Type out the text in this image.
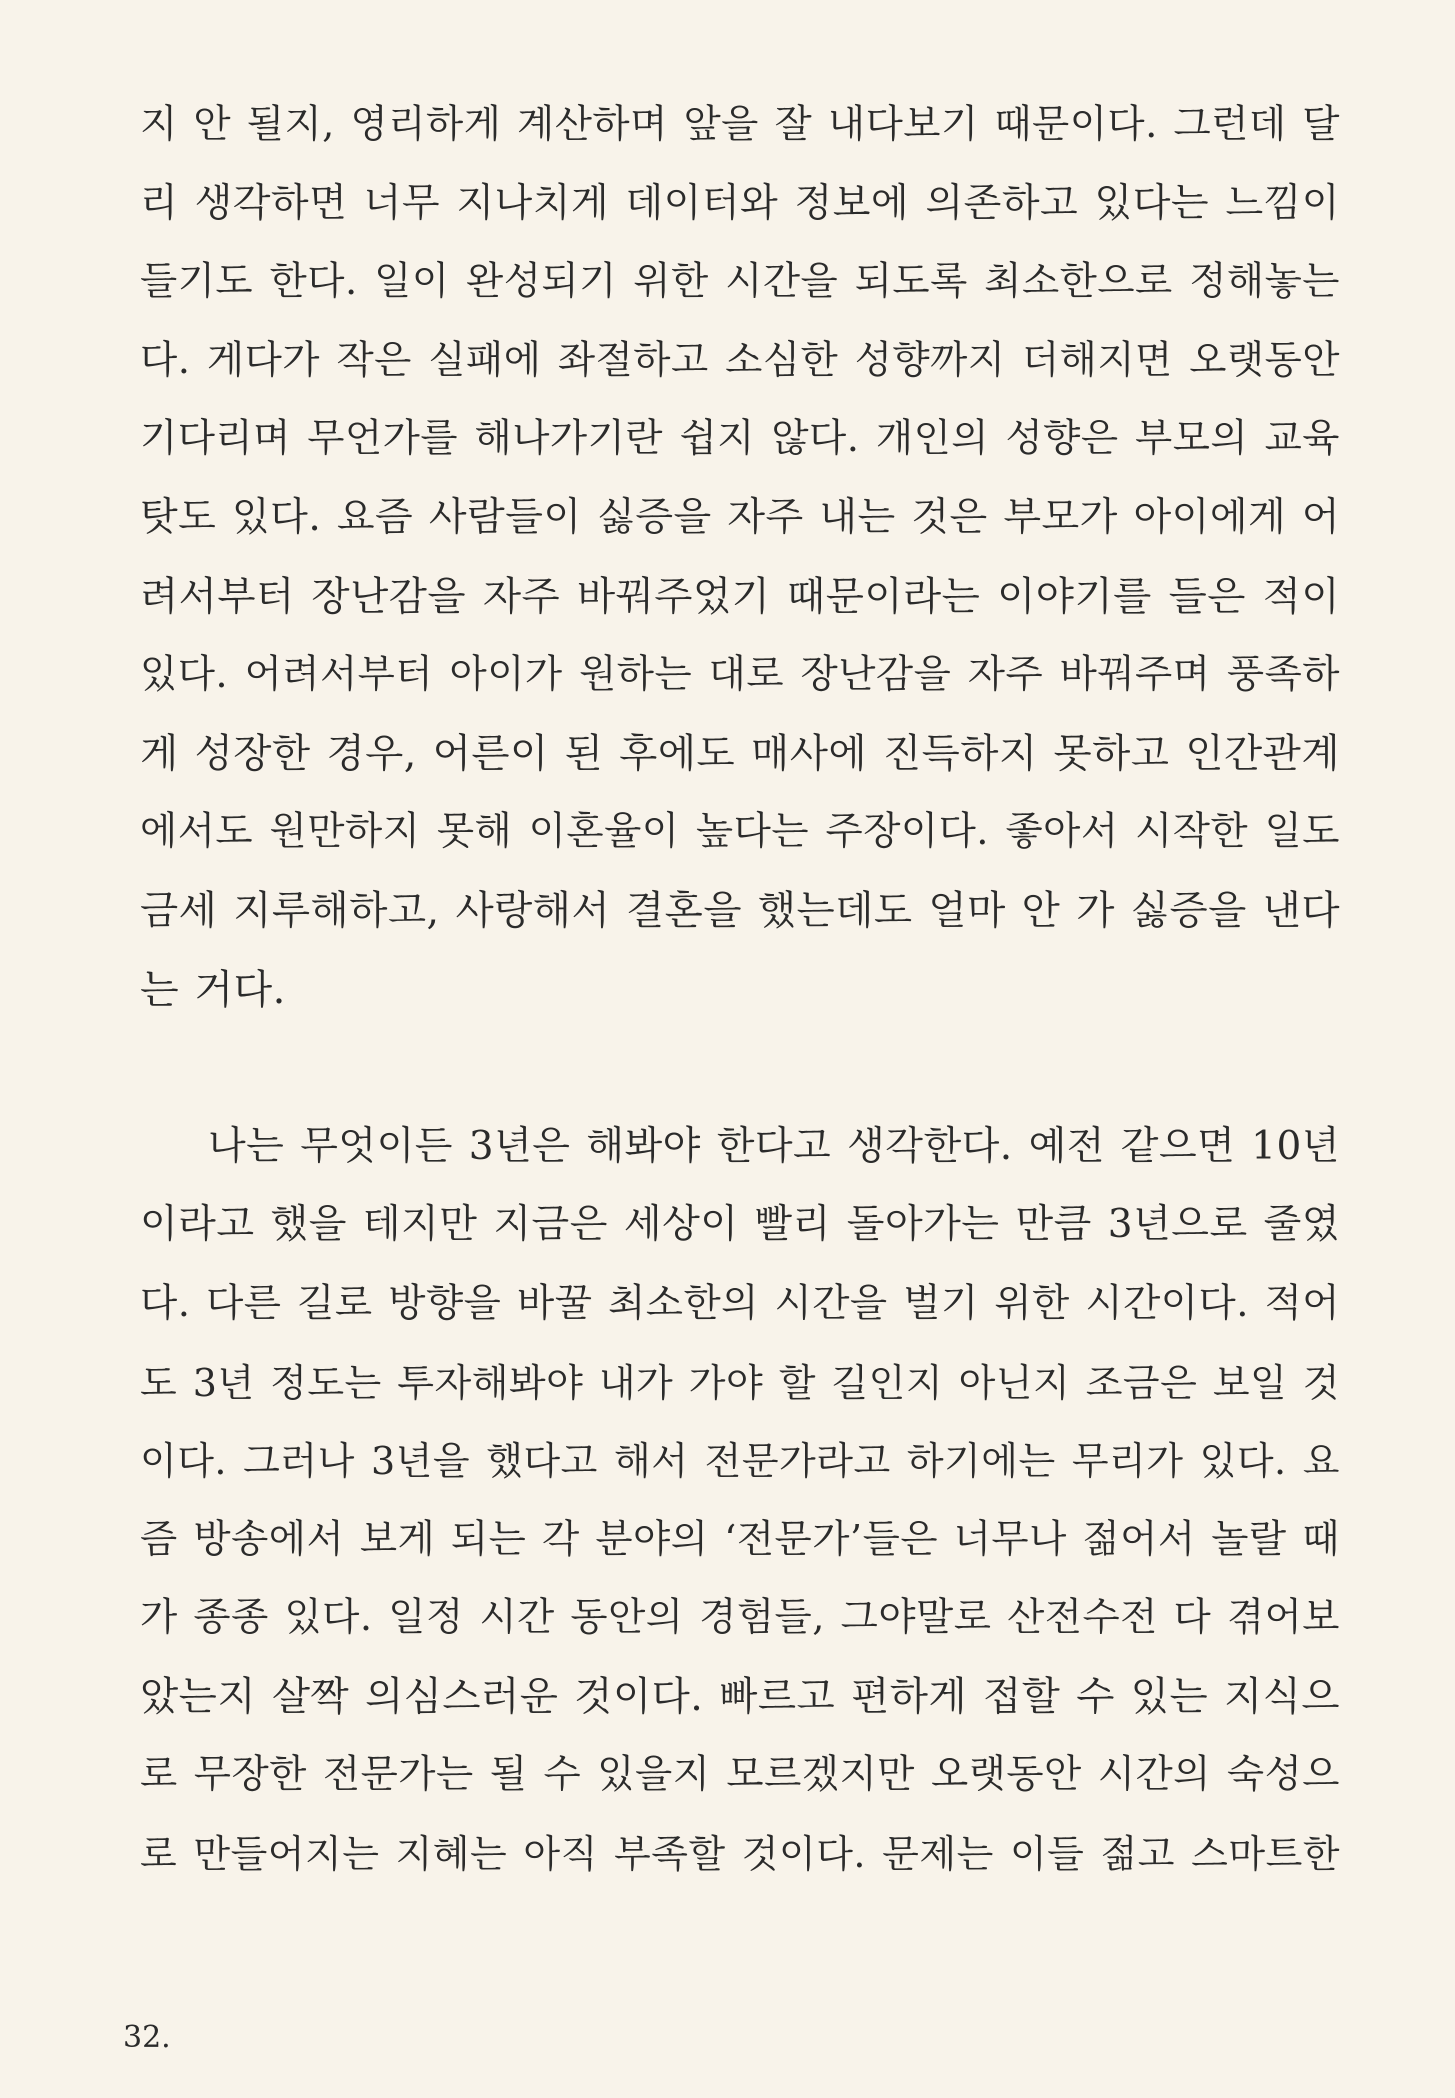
지 안 될지, 영리하게 계산하며 앞을 잘 내다보기 때문이다. 그런데 달

리 생각하면 너무 지나치게 데이터와 정보에 의존하고 있다는 느낌이

들기도 한다. 일이 완성되기 위한 시간을 되도록 최소한으로 정해놓는

다. 게다가 작은 실패에 좌절하고 소심한 성향까지 더해지면 오랫동안

기다리며 무언가를 해나가기란 쉽지 않다. 개인의 성향은 부모의 교육

탓도 있다. 요즘 사람들이 싫증을 자주 내는 것은 부모가 아이에게 어

려서부터 장난감을 자주 바꿔주었기 때문이라는 이야기를 들은 적이

있다. 어려서부터 아이가 원하는 대로 장난감을 자주 바꿔주며 풍족하

게 성장한 경우, 어른이 된 후에도 매사에 진득하지 못하고 인간관계

에서도 원만하지 못해 이혼율이 높다는 주장이다. 좋아서 시작한 일도

금세 지루해하고, 사랑해서 결혼을 했는데도 얼마 안 가 싫증을 낸다

는 거다.

나는 무엇이든 3년은 해봐야 한다고 생각한다. 예전 같으면 10년

이라고 했을 테지만 지금은 세상이 빨리 돌아가는 만큼 3년으로 줄였

다. 다른 길로 방향을 바꿀 최소한의 시간을 벌기 위한 시간이다. 적어

도 3년 정도는 투자해봐야 내가 가야 할 길인지 아닌지 조금은 보일 것

이다. 그러나 3년을 했다고 해서 전문가라고 하기에는 무리가 있다. 요

즘 방송에서 보게 되는 각 분야의 ‘전문가’들은 너무나 젊어서 놀랄 때

가 종종 있다. 일정 시간 동안의 경험들, 그야말로 산전수전 다 겪어보

았는지 살짝 의심스러운 것이다. 빠르고 편하게 접할 수 있는 지식으

로 무장한 전문가는 될 수 있을지 모르겠지만 오랫동안 시간의 숙성으

로 만들어지는 지혜는 아직 부족할 것이다. 문제는 이들 젊고 스마트한

32.
